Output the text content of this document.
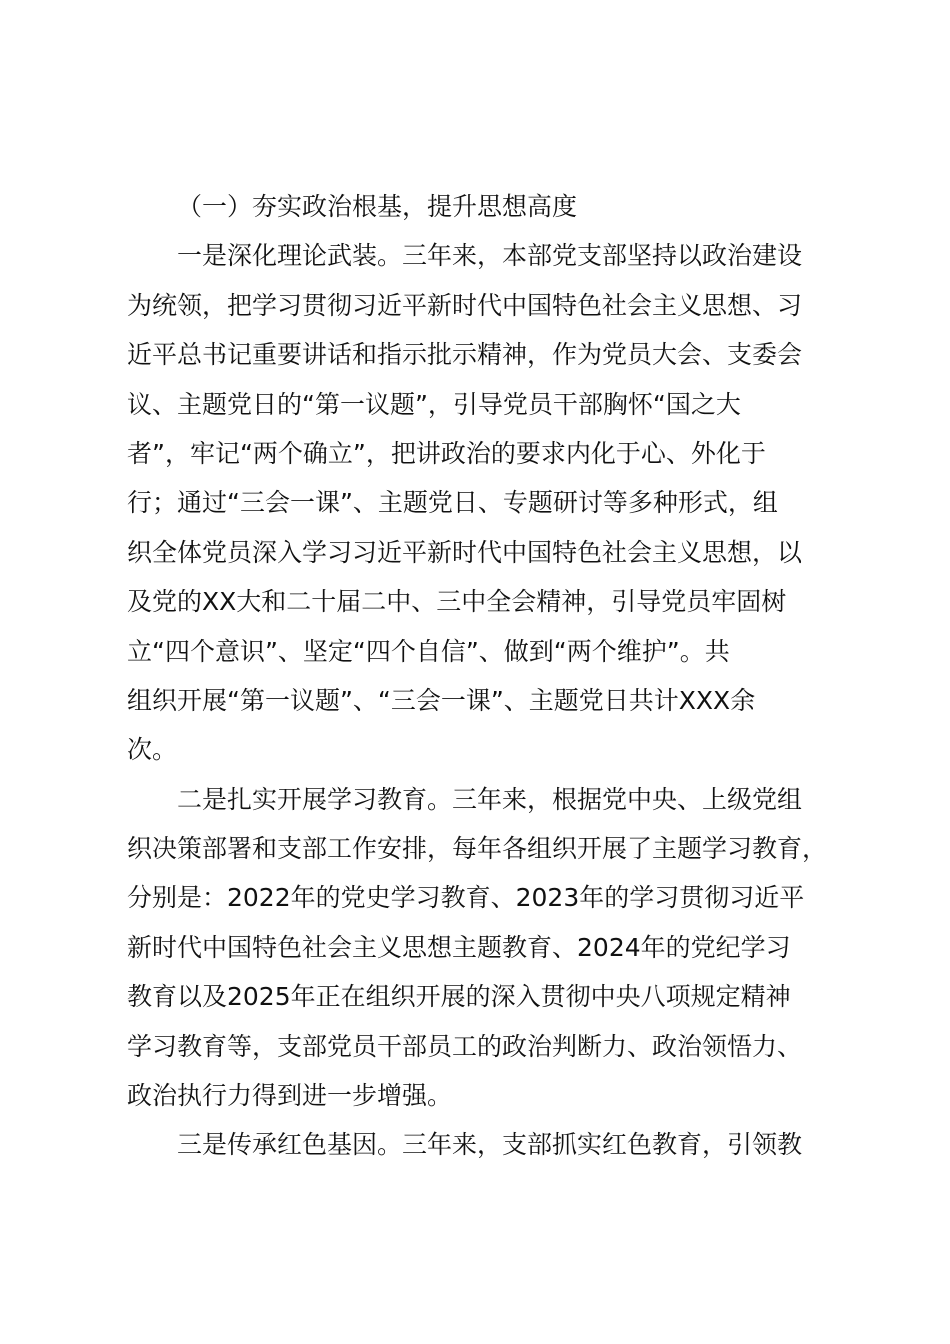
（一）夯实政治根基，提升思想高度
一是深化理论武装。三年来，本部党支部坚持以政治建设
为统领，把学习贯彻习近平新时代中国特色社会主义思想、习
近平总书记重要讲话和指示批示精神，作为党员大会、支委会
议、主题党日的“第一议题”，引导党员干部胸怀“国之大
者”，牢记“两个确立”，把讲政治的要求内化于心、外化于
行；通过“三会一课”、主题党日、专题研讨等多种形式，组
织全体党员深入学习习近平新时代中国特色社会主义思想，以
及党的XX大和二十届二中、三中全会精神，引导党员牢固树
立“四个意识”、坚定“四个自信”、做到“两个维护”。共
组织开展“第一议题”、“三会一课”、主题党日共计XXX余
次。
二是扎实开展学习教育。三年来，根据党中央、上级党组
织决策部署和支部工作安排，每年各组织开展了主题学习教育，
分别是：2022年的党史学习教育、2023年的学习贯彻习近平
新时代中国特色社会主义思想主题教育、2024年的党纪学习
教育以及2025年正在组织开展的深入贯彻中央八项规定精神
学习教育等，支部党员干部员工的政治判断力、政治领悟力、
政治执行力得到进一步增强。
三是传承红色基因。三年来，支部抓实红色教育，引领教
